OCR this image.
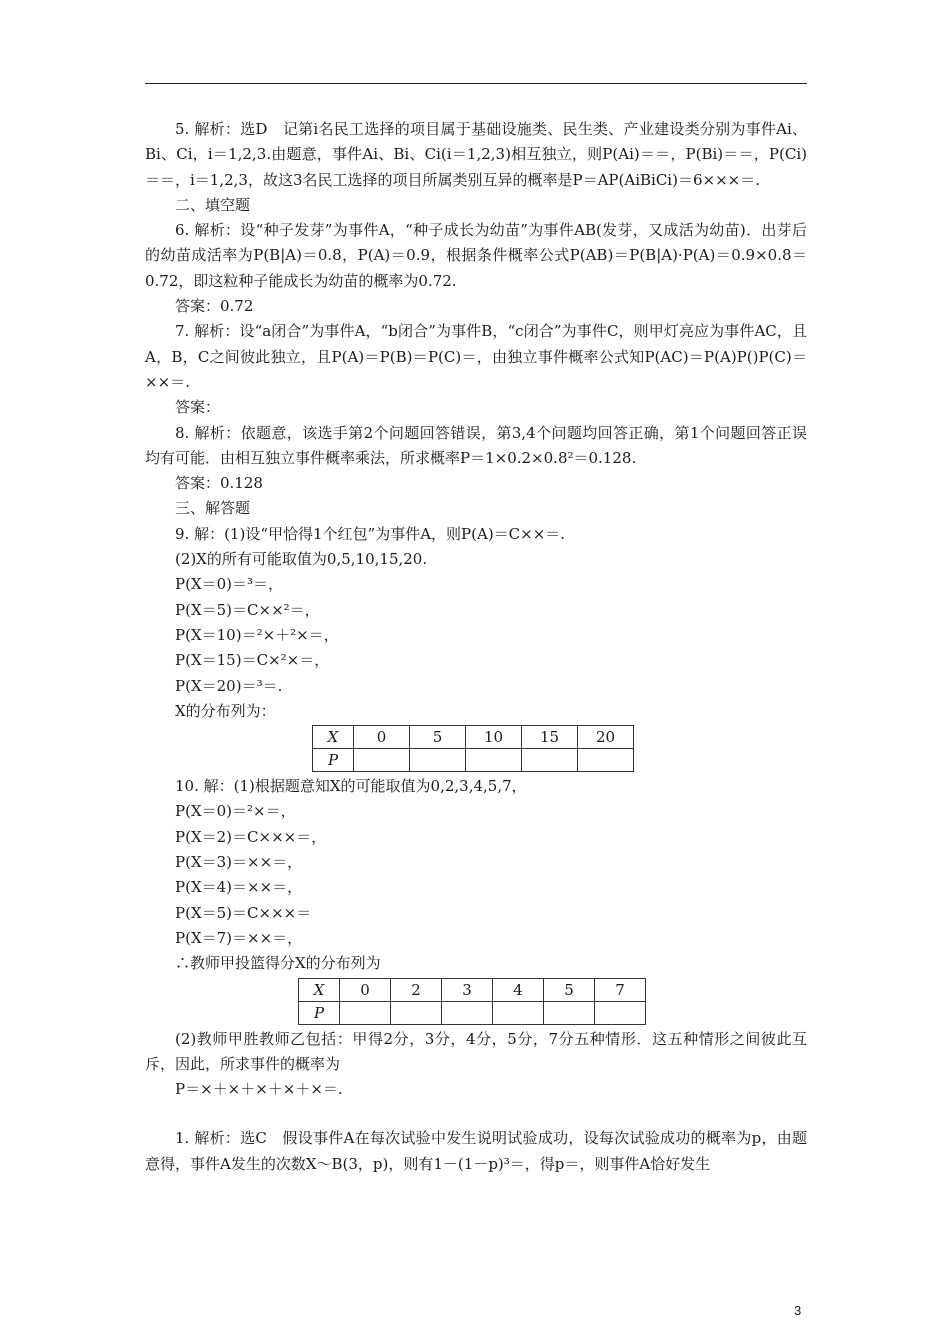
5. 解析：选D　记第i名民工选择的项目属于基础设施类、民生类、产业建设类分别为事件Ai、Bi、Ci，i＝1,2,3.由题意，事件Ai、Bi、Ci(i＝1,2,3)相互独立，则P(Ai)＝＝，P(Bi)＝＝，P(Ci)＝＝，i＝1,2,3，故这3名民工选择的项目所属类别互异的概率是P＝AP(AiBiCi)＝6×××＝.

二、填空题

6. 解析：设“种子发芽”为事件A，“种子成长为幼苗”为事件AB(发芽，又成活为幼苗)．出芽后的幼苗成活率为P(B|A)＝0.8，P(A)＝0.9，根据条件概率公式P(AB)＝P(B|A)·P(A)＝0.9×0.8＝0.72，即这粒种子能成长为幼苗的概率为0.72.

答案：0.72

7. 解析：设“a闭合”为事件A，“b闭合”为事件B，“c闭合”为事件C，则甲灯亮应为事件AC，且A，B，C之间彼此独立，且P(A)＝P(B)＝P(C)＝，由独立事件概率公式知P(AC)＝P(A)P()P(C)＝××＝.

答案：

8. 解析：依题意，该选手第2个问题回答错误，第3,4个问题均回答正确，第1个问题回答正误均有可能．由相互独立事件概率乘法，所求概率P＝1×0.2×0.8²＝0.128.

答案：0.128

三、解答题

9. 解：(1)设“甲恰得1个红包”为事件A，则P(A)＝C××＝.

(2)X的所有可能取值为0,5,10,15,20.

P(X＝0)＝³＝，

P(X＝5)＝C××²＝，

P(X＝10)＝²×＋²×＝，

P(X＝15)＝C×²×＝，

P(X＝20)＝³＝.

X的分布列为：

X	0	5	10	15	20
P					

10. 解：(1)根据题意知X的可能取值为0,2,3,4,5,7，

P(X＝0)＝²×＝，

P(X＝2)＝C×××＝，

P(X＝3)＝××＝，

P(X＝4)＝××＝，

P(X＝5)＝C×××＝

P(X＝7)＝××＝，

∴教师甲投篮得分X的分布列为

X	0	2	3	4	5	7
P						

(2)教师甲胜教师乙包括：甲得2分，3分，4分，5分，7分五种情形．这五种情形之间彼此互斥，因此，所求事件的概率为

P＝×＋×＋×＋×＋×＝.

1. 解析：选C　假设事件A在每次试验中发生说明试验成功，设每次试验成功的概率为p，由题意得，事件A发生的次数X～B(3，p)，则有1－(1－p)³＝，得p＝，则事件A恰好发生

3
